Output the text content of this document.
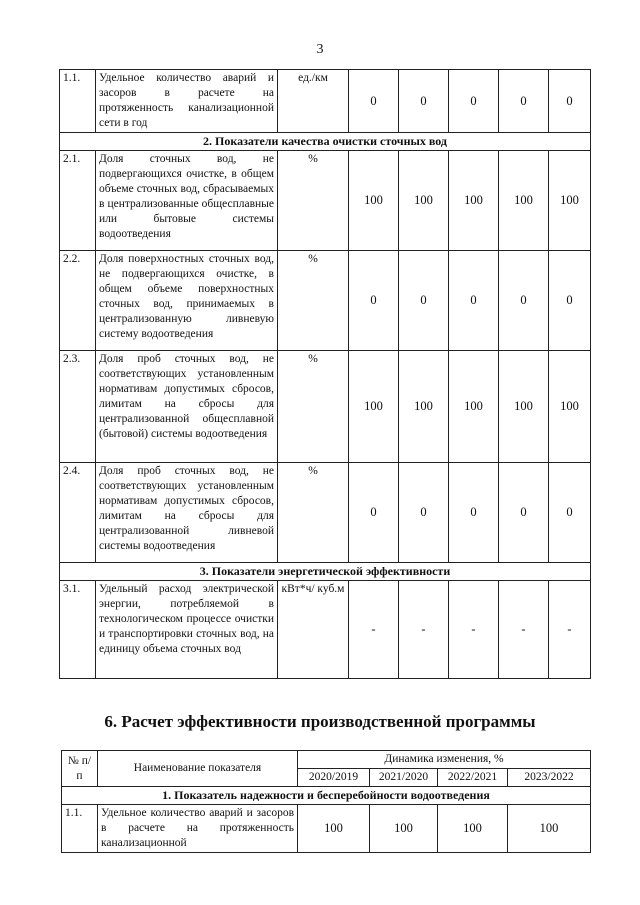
3
1.1.	Удельное количество аварий и засоров в расчете на протяженность канализационной сети в год	ед./км	0	0	0	0	0
2. Показатели качества очистки сточных вод							
2.1.	Доля сточных вод, не подвергающихся очистке, в общем объеме сточных вод, сбрасываемых в централизованные общесплавные или бытовые системы водоотведения	%	100	100	100	100	100
2.2.	Доля поверхностных сточных вод, не подвергающихся очистке, в общем объеме поверхностных сточных вод, принимаемых в централизованную ливневую систему водоотведения	%	0	0	0	0	0
2.3.	Доля проб сточных вод, не соответствующих установленным нормативам допустимых сбросов, лимитам на сбросы для централизованной общесплавной (бытовой) системы водоотведения	%	100	100	100	100	100
2.4.	Доля проб сточных вод, не соответствующих установленным нормативам допустимых сбросов, лимитам на сбросы для централизованной ливневой системы водоотведения	%	0	0	0	0	0
3. Показатели энергетической эффективности							
3.1.	Удельный расход электрической энергии, потребляемой в технологическом процессе очистки и транспортировки сточных вод, на единицу объема сточных вод	кВт*ч/ куб.м	-	-	-	-	-
6. Расчет эффективности производственной программы
№ п/п	Наименование показателя	Динамика изменения, %			
		2020/2019	2021/2020	2022/2021	2023/2022
1. Показатель надежности и бесперебойности водоотведения					
1.1.	Удельное количество аварий и засоров в расчете на протяженность канализационной	100	100	100	100
